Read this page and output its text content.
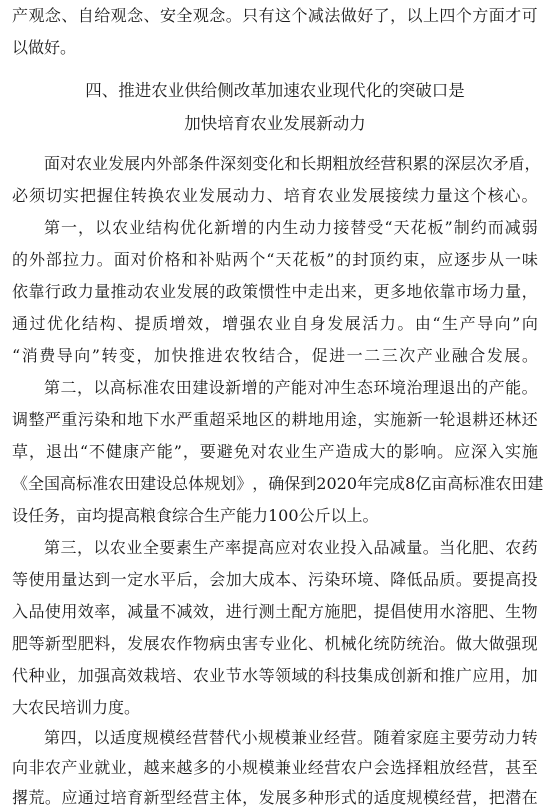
产 观 念 、 自 给 观 念 、 安 全 观 念 。 只 有 这 个 减 法 做 好 了 ， 以 上 四 个 方 面 才 可
以做好。
四、推进农业供给侧改革加速农业现代化的突破口是
加快培育农业发展新动力
面 对 农 业 发 展 内 外 部 条 件 深 刻 变 化 和 长 期 粗 放 经 营 积 累 的 深 层 次 矛 盾 ，
必 须 切 实 把 握 住 转 换 农 业 发 展 动 力 、 培 育 农 业 发 展 接 续 力 量 这 个 核 心 。
第 一 ， 以 农 业 结 构 优 化 新 增 的 内 生 动 力 接 替 受 “ 天 花 板 ” 制 约 而 减 弱
的 外 部 拉 力 。 面 对 价 格 和 补 贴 两 个 “ 天 花 板 ” 的 封 顶 约 束 ， 应 逐 步 从 一 味
依 靠 行 政 力 量 推 动 农 业 发 展 的 政 策 惯 性 中 走 出 来 ， 更 多 地 依 靠 市 场 力 量 ，
通 过 优 化 结 构 、 提 质 增 效 ， 增 强 农 业 自 身 发 展 活 力 。 由 “ 生 产 导 向 ” 向
“ 消 费 导 向 ” 转 变 ， 加 快 推 进 农 牧 结 合 ， 促 进 一 二 三 次 产 业 融 合 发 展 。
第 二 ， 以 高 标 准 农 田 建 设 新 增 的 产 能 对 冲 生 态 环 境 治 理 退 出 的 产 能 。
调 整 严 重 污 染 和 地 下 水 严 重 超 采 地 区 的 耕 地 用 途 ， 实 施 新 一 轮 退 耕 还 林 还
草 ， 退 出 “ 不 健 康 产 能 ” ， 要 避 免 对 农 业 生 产 造 成 大 的 影 响 。 应 深 入 实 施
《 全 国 高 标 准 农 田 建 设 总 体 规 划 》 ， 确 保 到 2020 年 完 成 8 亿 亩 高 标 准 农 田 建
设任务，亩均提高粮食综合生产能力100公斤以上。
第 三 ， 以 农 业 全 要 素 生 产 率 提 高 应 对 农 业 投 入 品 减 量 。 当 化 肥 、 农 药
等 使 用 量 达 到 一 定 水 平 后 ， 会 加 大 成 本 、 污 染 环 境 、 降 低 品 质 。 要 提 高 投
入 品 使 用 效 率 ， 减 量 不 减 效 ， 进 行 测 土 配 方 施 肥 ， 提 倡 使 用 水 溶 肥 、 生 物
肥 等 新 型 肥 料 ， 发 展 农 作 物 病 虫 害 专 业 化 、 机 械 化 统 防 统 治 。 做 大 做 强 现
代 种 业 ， 加 强 高 效 栽 培 、 农 业 节 水 等 领 域 的 科 技 集 成 创 新 和 推 广 应 用 ， 加
大农民培训力度。
第 四 ， 以 适 度 规 模 经 营 替 代 小 规 模 兼 业 经 营 。 随 着 家 庭 主 要 劳 动 力 转
向 非 农 产 业 就 业 ， 越 来 越 多 的 小 规 模 兼 业 经 营 农 户 会 选 择 粗 放 经 营 ， 甚 至
撂 荒 。 应 通 过 培 育 新 型 经 营 主 体 ， 发 展 多 种 形 式 的 适 度 规 模 经 营 ， 把 潜 在
